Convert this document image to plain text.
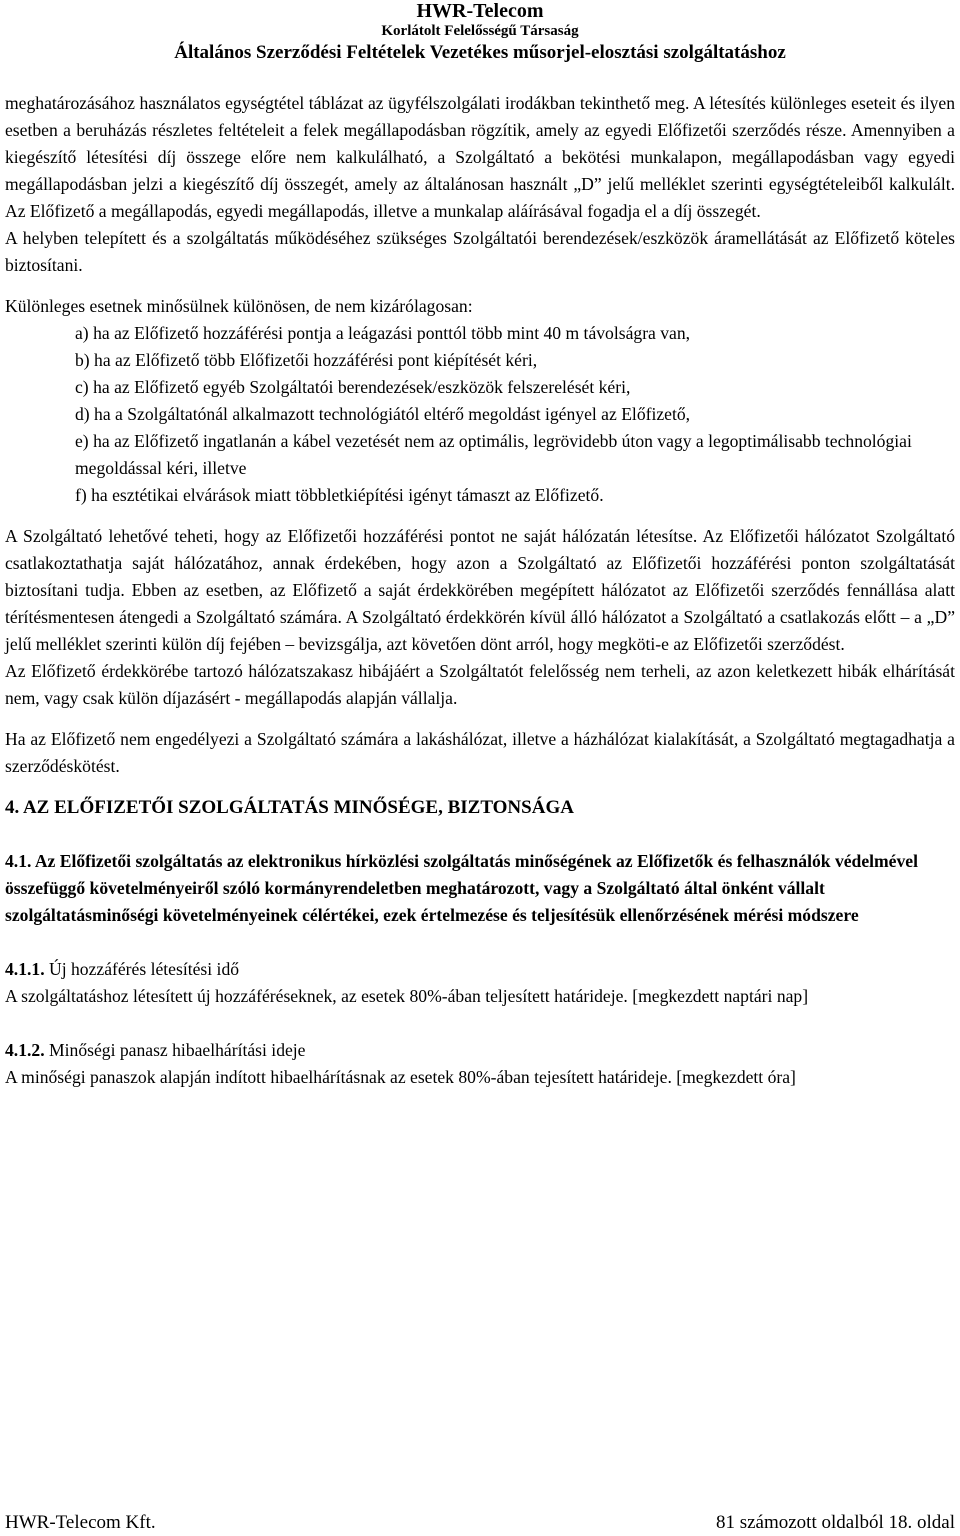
HWR-Telecom
Korlátolt Felelősségű Társaság
Általános Szerződési Feltételek Vezetékes műsorjel-elosztási szolgáltatáshoz

meghatározásához használatos egységtétel táblázat az ügyfélszolgálati irodákban tekinthető meg. A létesítés különleges eseteit és ilyen esetben a beruházás részletes feltételeit a felek megállapodásban rögzítik, amely az egyedi Előfizetői szerződés része. Amennyiben a kiegészítő létesítési díj összege előre nem kalkulálható, a Szolgáltató a bekötési munkalapon, megállapodásban vagy egyedi megállapodásban jelzi a kiegészítő díj összegét, amely az általánosan használt „D” jelű melléklet szerinti egységtételeiből kalkulált. Az Előfizető a megállapodás, egyedi megállapodás, illetve a munkalap aláírásával fogadja el a díj összegét.

A helyben telepített és a szolgáltatás működéséhez szükséges Szolgáltatói berendezések/eszközök áramellátását az Előfizető köteles biztosítani.

Különleges esetnek minősülnek különösen, de nem kizárólagosan:

a) ha az Előfizető hozzáférési pontja a leágazási ponttól több mint 40 m távolságra van,
b) ha az Előfizető több Előfizetői hozzáférési pont kiépítését kéri,
c) ha az Előfizető egyéb Szolgáltatói berendezések/eszközök felszerelését kéri,
d) ha a Szolgáltatónál alkalmazott technológiától eltérő megoldást igényel az Előfizető,
e) ha az Előfizető ingatlanán a kábel vezetését nem az optimális, legrövidebb úton vagy a legoptimálisabb technológiai megoldással kéri, illetve
f) ha esztétikai elvárások miatt többletkiépítési igényt támaszt az Előfizető.

A Szolgáltató lehetővé teheti, hogy az Előfizetői hozzáférési pontot ne saját hálózatán létesítse. Az Előfizetői hálózatot Szolgáltató csatlakoztathatja saját hálózatához, annak érdekében, hogy azon a Szolgáltató az Előfizetői hozzáférési ponton szolgáltatását biztosítani tudja. Ebben az esetben, az Előfizető a saját érdekkörében megépített hálózatot az Előfizetői szerződés fennállása alatt térítésmentesen átengedi a Szolgáltató számára. A Szolgáltató érdekkörén kívül álló hálózatot a Szolgáltató a csatlakozás előtt – a „D” jelű melléklet szerinti külön díj fejében – bevizsgálja, azt követően dönt arról, hogy megköti-e az Előfizetői szerződést.

Az Előfizető érdekkörébe tartozó hálózatszakasz hibájáért a Szolgáltatót felelősség nem terheli, az azon keletkezett hibák elhárítását nem, vagy csak külön díjazásért - megállapodás alapján vállalja.

Ha az Előfizető nem engedélyezi a Szolgáltató számára a lakáshálózat, illetve a házhálózat kialakítását, a Szolgáltató megtagadhatja a szerződéskötést.

4. AZ ELŐFIZETŐI SZOLGÁLTATÁS MINŐSÉGE, BIZTONSÁGA

4.1. Az Előfizetői szolgáltatás az elektronikus hírközlési szolgáltatás minőségének az Előfizetők és felhasználók védelmével összefüggő követelményeiről szóló kormányrendeletben meghatározott, vagy a Szolgáltató által önként vállalt szolgáltatásminőségi követelményeinek célértékei, ezek értelmezése és teljesítésük ellenőrzésének mérési módszere

4.1.1. Új hozzáférés létesítési idő

A szolgáltatáshoz létesített új hozzáféréseknek, az esetek 80%-ában teljesített határideje. [megkezdett naptári nap]

4.1.2. Minőségi panasz hibaelhárítási ideje

A minőségi panaszok alapján indított hibaelhárításnak az esetek 80%-ában tejesített határideje. [megkezdett óra]

HWR-Telecom Kft.	81 számozott oldalból 18. oldal
